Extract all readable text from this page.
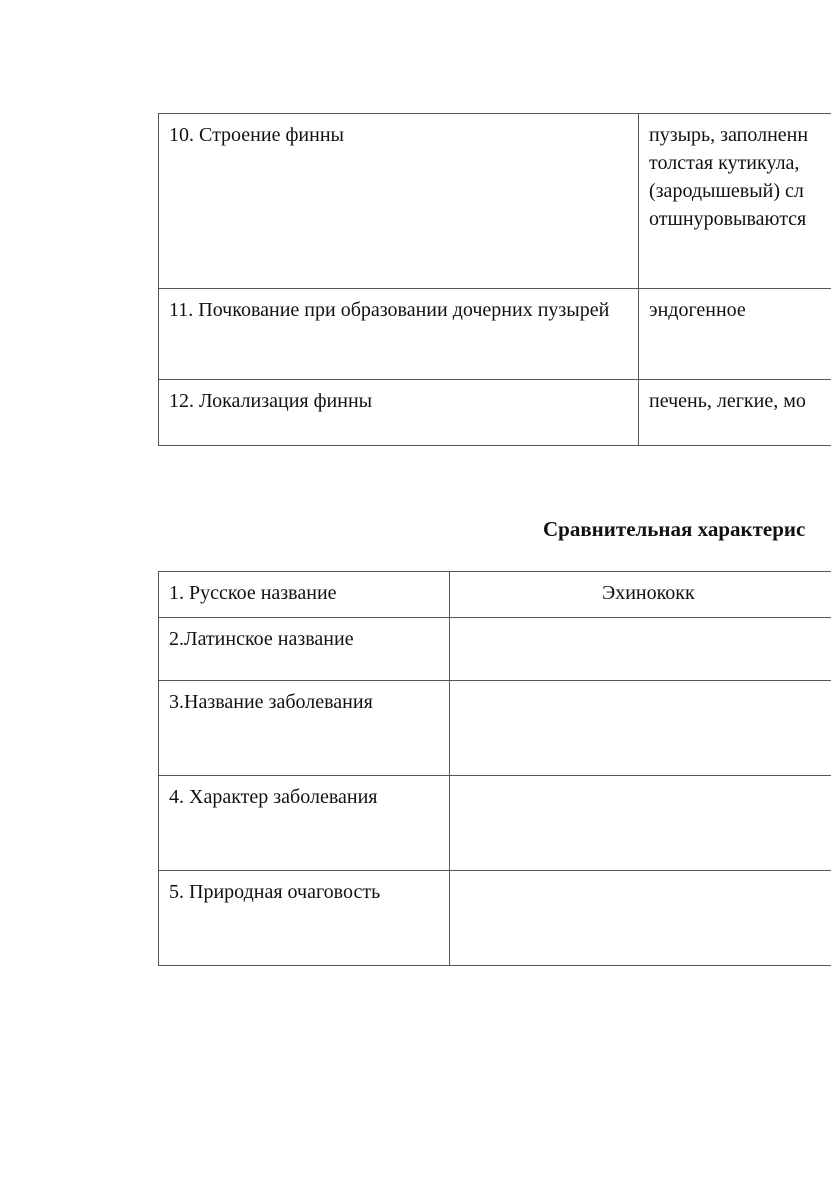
10. Строение финны	пузырь, заполненн
толстая кутикула,
(зародышевый) сл
отшнуровываются

11. Почкование при образовании дочерних пузырей	эндогенное

12. Локализация финны	печень, легкие, мо
Сравнительная характерис
1. Русское название	Эхинококк

2.Латинское название	
3.Название заболевания	
4. Характер заболевания	
5. Природная очаговость	
